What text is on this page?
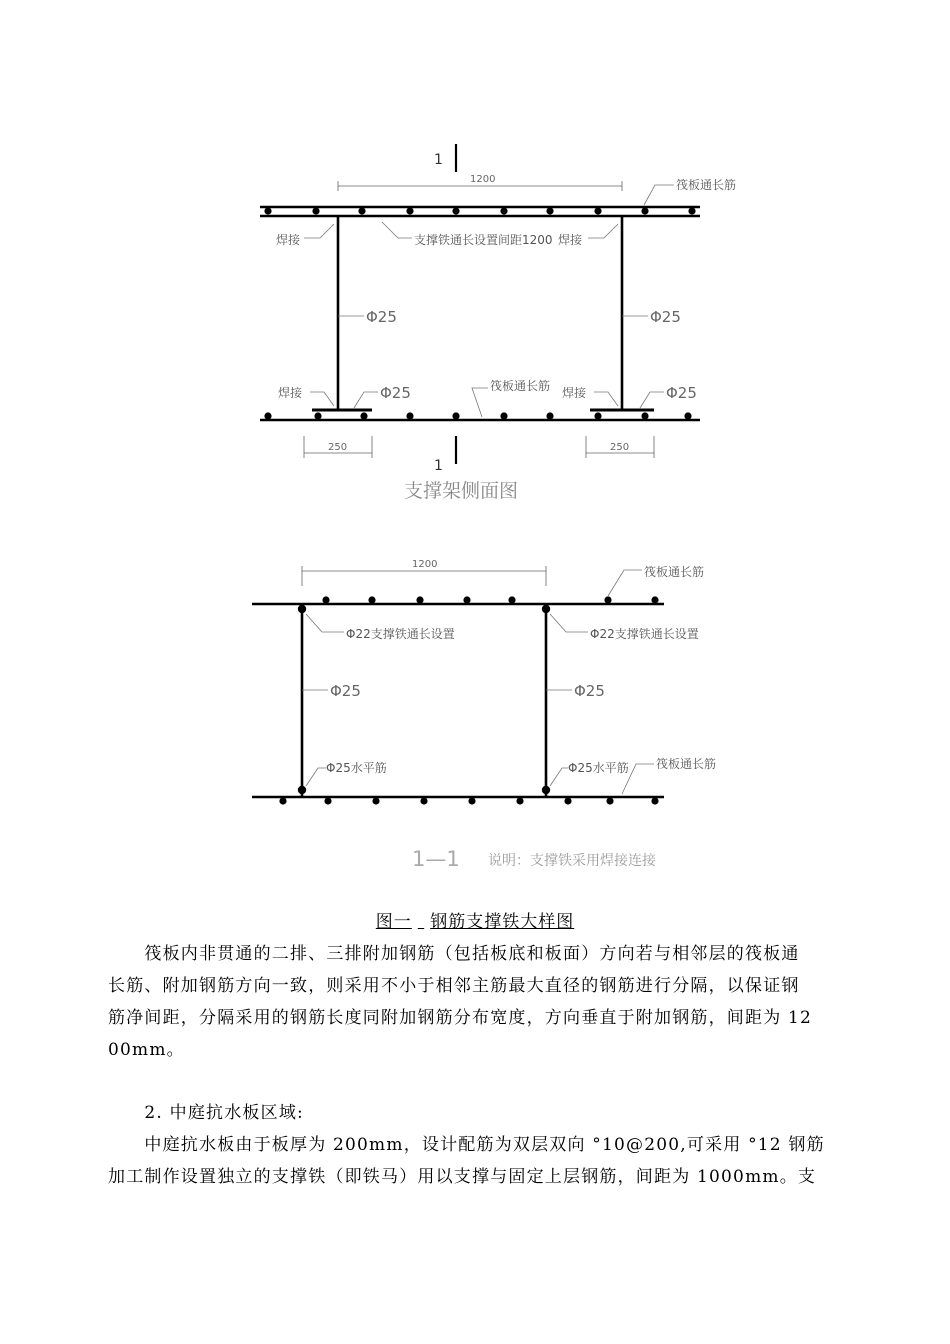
1
1
1200	筏板通长筋
焊接	支撑铁通长设置间距1200 焊接
Φ25	Φ25
焊接	Φ25	焊接	Φ25
筏板通长筋
250	250
支撑架侧面图
1200
筏板通长筋
Φ22支撑铁通长设置	Φ22支撑铁通长设置
Φ25	Φ25
Φ25水平筋	Φ25水平筋 筏板通长筋
1—1 说明：支撑铁采用焊接连接
图一 钢筋支撑铁大样图

　　筏板内非贯通的二排、三排附加钢筋（包括板底和板面）方向若与相邻层的筏板通
长筋、附加钢筋方向一致，则采用不小于相邻主筋最大直径的钢筋进行分隔，以保证钢
筋净间距，分隔采用的钢筋长度同附加钢筋分布宽度，方向垂直于附加钢筋，间距为 12
00mm。

　　2. 中庭抗水板区域:
　　中庭抗水板由于板厚为 200mm，设计配筋为双层双向 °10@200,可采用 °12 钢筋
加工制作设置独立的支撑铁（即铁马）用以支撑与固定上层钢筋，间距为 1000mm。支
